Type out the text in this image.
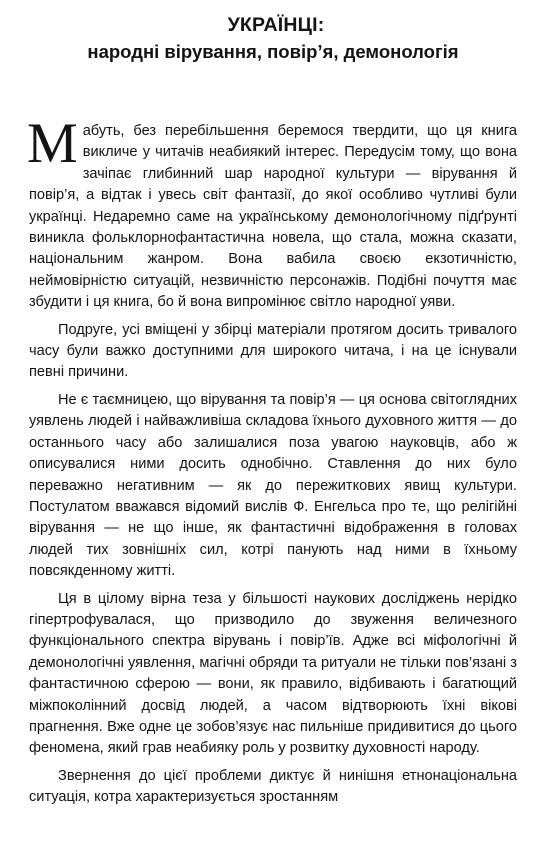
УКРАЇНЦІ:
народні вірування, повір’я, демонологія

Мабуть, без перебільшення беремося твердити, що ця книга викличе у читачів неабиякий інтерес. Передусім тому, що вона зачіпає глибинний шар народної культури — вірування й повір’я, а відтак і увесь світ фантазії, до якої особливо чутливі були українці. Недаремно саме на українському демонологічному підґрунті виникла фольклорнофантастична новела, що стала, можна сказати, національним жанром. Вона вабила своєю екзотичністю, неймовірністю ситуацій, незвичністю персонажів. Подібні почуття має збудити і ця книга, бо й вона випромінює світло народної уяви.

Подруге, усі вміщені у збірці матеріали протягом досить тривалого часу були важко доступними для широкого читача, і на це існували певні причини.

Не є таємницею, що вірування та повір’я — ця основа світоглядних уявлень людей і найважливіша складова їхнього духовного життя — до останнього часу або залишалися поза увагою науковців, або ж описувалися ними досить однобічно. Ставлення до них було переважно негативним — як до пережиткових явищ культури. Постулатом вважався відомий вислів Ф. Енгельса про те, що релігійні вірування — не що інше, як фантастичні відображення в головах людей тих зовнішніх сил, котрі панують над ними в їхньому повсякденному житті.

Ця в цілому вірна теза у більшості наукових досліджень нерідко гіпертрофувалася, що призводило до звуження величезного функціонального спектра вірувань і повір’їв. Адже всі міфологічні й демонологічні уявлення, магічні обряди та ритуали не тільки пов’язані з фантастичною сферою — вони, як правило, відбивають і багатющий міжпоколінний досвід людей, а часом відтворюють їхні вікові прагнення. Вже одне це зобов’язує нас пильніше придивитися до цього феномена, який грав неабияку роль у розвитку духовності народу.

Звернення до цієї проблеми диктує й нинішня етнонаціональна ситуація, котра характеризується зростанням
